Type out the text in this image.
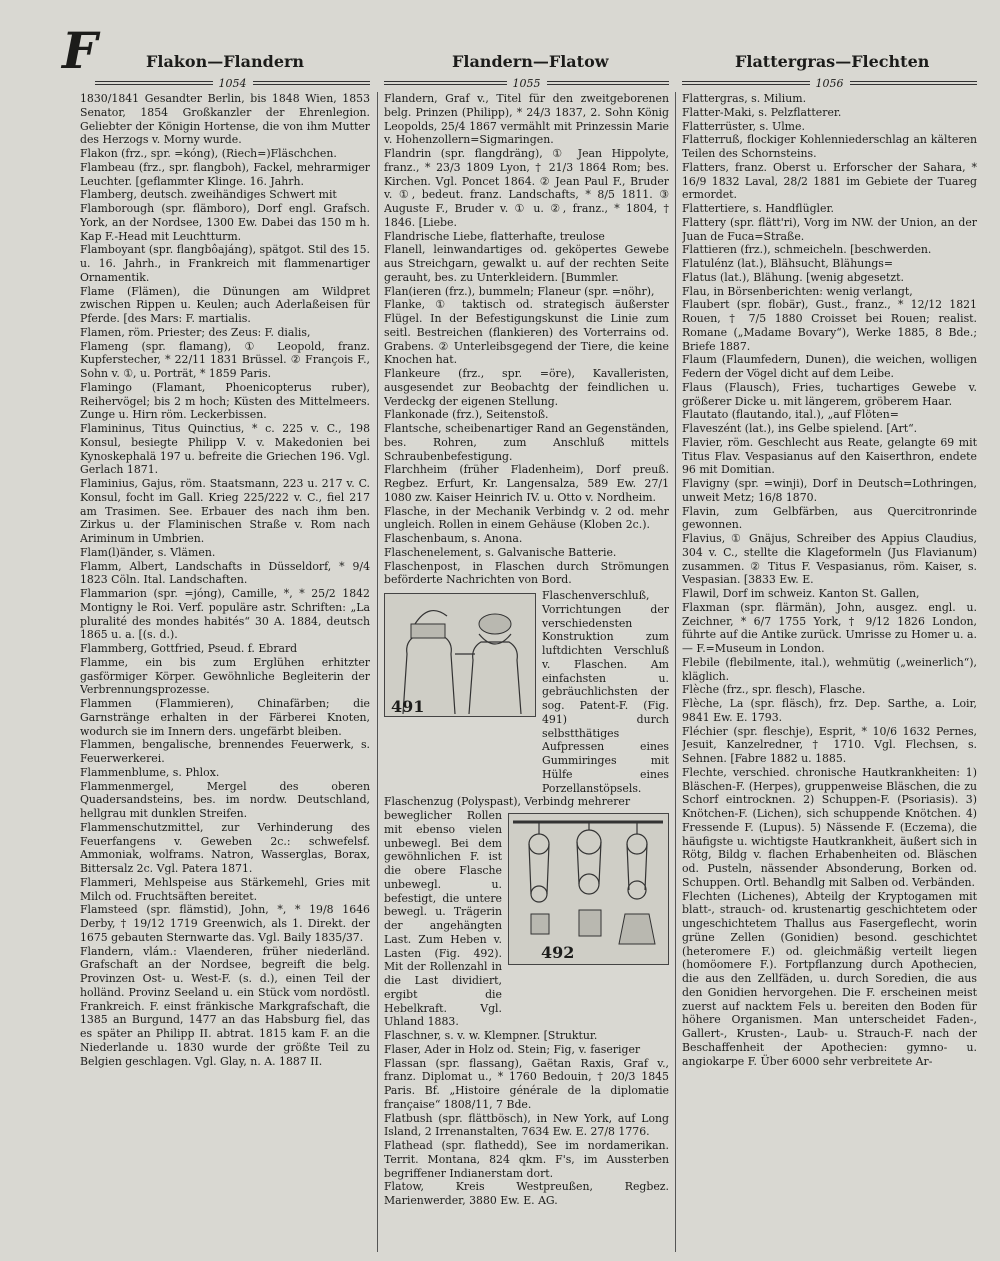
F	Flakon—Flandern	Flandern—Flatow	Flattergras—Flechten
1054	1055	1056

1830/1841 Gesandter Berlin, bis 1848 Wien, 1853 Senator, 1854 Großkanzler der Ehrenlegion. Geliebter der Königin Hortense, die von ihm Mutter des Herzogs v. Morny wurde.

Flakon (frz., spr. =kóng), (Riech=)Fläschchen.

Flambeau (frz., spr. flangboh), Fackel, mehrarmiger Leuchter. [geflammter Klinge. 16. Jahrh.

Flamberg, deutsch. zweihändiges Schwert mit

Flamborough (spr. flämboro), Dorf engl. Grafsch. York, an der Nordsee, 1300 Ew. Dabei das 150 m h. Kap F.-Head mit Leuchtturm.

Flamboyant (spr. flangbôajáng), spätgot. Stil des 15. u. 16. Jahrh., in Frankreich mit flammenartiger Ornamentik.

Flame (Flämen), die Dünungen am Wildpret zwischen Rippen u. Keulen; auch Aderlaßeisen für Pferde. [des Mars: F. martialis.

Flamen, röm. Priester; des Zeus: F. dialis,

Flameng (spr. flamang), ① Leopold, franz. Kupferstecher, * 22/11 1831 Brüssel. ② François F., Sohn v. ①, u. Porträt, * 1859 Paris.

Flamingo (Flamant, Phoenicopterus ruber), Reihervögel; bis 2 m hoch; Küsten des Mittelmeers. Zunge u. Hirn röm. Leckerbissen.

Flamininus, Titus Quinctius, * c. 225 v. C., 198 Konsul, besiegte Philipp V. v. Makedonien bei Kynoskephalä 197 u. befreite die Griechen 196. Vgl. Gerlach 1871.

Flaminius, Gajus, röm. Staatsmann, 223 u. 217 v. C. Konsul, focht im Gall. Krieg 225/222 v. C., fiel 217 am Trasimen. See. Erbauer des nach ihm ben. Zirkus u. der Flaminischen Straße v. Rom nach Ariminum in Umbrien.

Flam(l)änder, s. Vlämen.

Flamm, Albert, Landschafts in Düsseldorf, * 9/4 1823 Cöln. Ital. Landschaften.

Flammarion (spr. =jóng), Camille, *, * 25/2 1842 Montigny le Roi. Verf. populäre astr. Schriften: „La pluralité des mondes habités“ 30 A. 1884, deutsch 1865 u. a. [(s. d.).

Flammberg, Gottfried, Pseud. f. Ebrard

Flamme, ein bis zum Erglühen erhitzter gasförmiger Körper. Gewöhnliche Begleiterin der Verbrennungsprozesse.

Flammen (Flammieren), Chinafärben; die Garnstränge erhalten in der Färberei Knoten, wodurch sie im Innern ders. ungefärbt bleiben.

Flammen, bengalische, brennendes Feuerwerk, s. Feuerwerkerei.

Flammenblume, s. Phlox.

Flammenmergel, Mergel des oberen Quadersandsteins, bes. im nordw. Deutschland, hellgrau mit dunklen Streifen.

Flammenschutzmittel, zur Verhinderung des Feuerfangens v. Geweben 2c.: schwefelsf. Ammoniak, wolframs. Natron, Wasserglas, Borax, Bittersalz 2c. Vgl. Patera 1871.

Flammeri, Mehlspeise aus Stärkemehl, Gries mit Milch od. Fruchtsäften bereitet.

Flamsteed (spr. flämstid), John, *, * 19/8 1646 Derby, † 19/12 1719 Greenwich, als 1. Direkt. der 1675 gebauten Sternwarte das. Vgl. Baily 1835/37.

Flandern, vlám.: Vlaenderen, früher niederländ. Grafschaft an der Nordsee, begreift die belg. Provinzen Ost- u. West-F. (s. d.), einen Teil der holländ. Provinz Seeland u. ein Stück vom nordöstl. Frankreich. F. einst fränkische Markgrafschaft, die 1385 an Burgund, 1477 an das Habsburg fiel, das es später an Philipp II. abtrat. 1815 kam F. an die Niederlande u. 1830 wurde der größte Teil zu Belgien geschlagen. Vgl. Glay, n. A. 1887 II.

Flandern, Graf v., Titel für den zweitgeborenen belg. Prinzen (Philipp), * 24/3 1837, 2. Sohn König Leopolds, 25/4 1867 vermählt mit Prinzessin Marie v. Hohenzollern=Sigmaringen.

Flandrin (spr. flangdräng), ① Jean Hippolyte, franz., * 23/3 1809 Lyon, † 21/3 1864 Rom; bes. Kirchen. Vgl. Poncet 1864. ② Jean Paul F., Bruder v. ①, bedeut. franz. Landschafts, * 8/5 1811. ③ Auguste F., Bruder v. ① u. ②, franz., * 1804, † 1846. [Liebe.

Flandrische Liebe, flatterhafte, treulose

Flanell, leinwandartiges od. geköpertes Gewebe aus Streichgarn, gewalkt u. auf der rechten Seite gerauht, bes. zu Unterkleidern. [Bummler.

Flan(ieren (frz.), bummeln; Flaneur (spr. =nöhr),

Flanke, ① taktisch od. strategisch äußerster Flügel. In der Befestigungskunst die Linie zum seitl. Bestreichen (flankieren) des Vorterrains od. Grabens. ② Unterleibsgegend der Tiere, die keine Knochen hat.

Flankeure (frz., spr. =öre), Kavalleristen, ausgesendet zur Beobachtg der feindlichen u. Verdeckg der eigenen Stellung.

Flankonade (frz.), Seitenstoß.

Flantsche, scheibenartiger Rand an Gegenständen, bes. Rohren, zum Anschluß mittels Schraubenbefestigung.

Flarchheim (früher Fladenheim), Dorf preuß. Regbez. Erfurt, Kr. Langensalza, 589 Ew. 27/1 1080 zw. Kaiser Heinrich IV. u. Otto v. Nordheim.

Flasche, in der Mechanik Verbindg v. 2 od. mehr ungleich. Rollen in einem Gehäuse (Kloben 2c.).

Flaschenbaum, s. Anona.

Flaschenelement, s. Galvanische Batterie.

Flaschenpost, in Flaschen durch Strömungen beförderte Nachrichten von Bord.

491

Flaschenverschluß, Vorrichtungen der verschiedensten Konstruktion zum luftdichten Verschluß v. Flaschen. Am einfachsten u. gebräuchlichsten der sog. Patent-F. (Fig. 491) durch selbstthätiges Aufpressen eines Gummiringes mit Hülfe eines Porzellanstöpsels.

Flaschenzug (Polyspast), Verbindg mehrerer

beweglicher Rollen mit ebenso vielen unbewegl. Bei dem gewöhnlichen F. ist die obere Flasche unbewegl. u. befestigt, die untere bewegl. u. Trägerin der angehängten Last. Zum Heben v. Lasten (Fig. 492). Mit der Rollenzahl in die Last dividiert, ergibt die Hebelkraft. Vgl. Uhland 1883.

492

Flaschner, s. v. w. Klempner. [Struktur.

Flaser, Ader in Holz od. Stein; Fig, v. faseriger

Flassan (spr. flassang), Gaëtan Raxis, Graf v., franz. Diplomat u., * 1760 Bedouin, † 20/3 1845 Paris. Bf. „Histoire générale de la diplomatie française“ 1808/11, 7 Bde.

Flatbush (spr. flättbösch), in New York, auf Long Island, 2 Irrenanstalten, 7634 Ew. E. 27/8 1776.

Flathead (spr. flathedd), See im nordamerikan. Territ. Montana, 824 qkm. F's, im Aussterben begriffener Indianerstam dort.

Flatow, Kreis Westpreußen, Regbez. Marienwerder, 3880 Ew. E. AG.

Flattergras, s. Milium.

Flatter-Maki, s. Pelzflatterer.

Flatterrüster, s. Ulme.

Flatterruß, flockiger Kohlenniederschlag an kälteren Teilen des Schornsteins.

Flatters, franz. Oberst u. Erforscher der Sahara, * 16/9 1832 Laval, 28/2 1881 im Gebiete der Tuareg ermordet.

Flattertiere, s. Handflügler.

Flattery (spr. flätt'ri), Vorg im NW. der Union, an der Juan de Fuca=Straße.

Flattieren (frz.), schmeicheln. [beschwerden.

Flatulénz (lat.), Blähsucht, Blähungs=

Flatus (lat.), Blähung. [wenig abgesetzt.

Flau, in Börsenberichten: wenig verlangt,

Flaubert (spr. flobär), Gust., franz., * 12/12 1821 Rouen, † 7/5 1880 Croisset bei Rouen; realist. Romane („Madame Bovary“), Werke 1885, 8 Bde.; Briefe 1887.

Flaum (Flaumfedern, Dunen), die weichen, wolligen Federn der Vögel dicht auf dem Leibe.

Flaus (Flausch), Fries, tuchartiges Gewebe v. größerer Dicke u. mit längerem, gröberem Haar.

Flautato (flautando, ital.), „auf Flöten=

Flaveszént (lat.), ins Gelbe spielend. [Art“.

Flavier, röm. Geschlecht aus Reate, gelangte 69 mit Titus Flav. Vespasianus auf den Kaiserthron, endete 96 mit Domitian.

Flavigny (spr. =winji), Dorf in Deutsch=Lothringen, unweit Metz; 16/8 1870.

Flavin, zum Gelbfärben, aus Quercitronrinde gewonnen.

Flavius, ① Gnäjus, Schreiber des Appius Claudius, 304 v. C., stellte die Klageformeln (Jus Flavianum) zusammen. ② Titus F. Vespasianus, röm. Kaiser, s. Vespasian. [3833 Ew. E.

Flawil, Dorf im schweiz. Kanton St. Gallen,

Flaxman (spr. flärmän), John, ausgez. engl. u. Zeichner, * 6/7 1755 York, † 9/12 1826 London, führte auf die Antike zurück. Umrisse zu Homer u. a. — F.=Museum in London.

Flebile (flebilmente, ital.), wehmütig („weinerlich“), kläglich.

Flèche (frz., spr. flesch), Flasche.

Flèche, La (spr. fläsch), frz. Dep. Sarthe, a. Loir, 9841 Ew. E. 1793.

Fléchier (spr. fleschje), Esprit, * 10/6 1632 Pernes, Jesuit, Kanzelredner, † 1710. Vgl. Flechsen, s. Sehnen. [Fabre 1882 u. 1885.

Flechte, verschied. chronische Hautkrankheiten: 1) Bläschen-F. (Herpes), gruppenweise Bläschen, die zu Schorf eintrocknen. 2) Schuppen-F. (Psoriasis). 3) Knötchen-F. (Lichen), sich schuppende Knötchen. 4) Fressende F. (Lupus). 5) Nässende F. (Eczema), die häufigste u. wichtigste Hautkrankheit, äußert sich in Rötg, Bildg v. flachen Erhabenheiten od. Bläschen od. Pusteln, nässender Absonderung, Borken od. Schuppen. Ortl. Behandlg mit Salben od. Verbänden.

Flechten (Lichenes), Abteilg der Kryptogamen mit blatt-, strauch- od. krustenartig geschichtetem oder ungeschichtetem Thallus aus Fasergeflecht, worin grüne Zellen (Gonidien) besond. geschichtet (heteromere F.) od. gleichmäßig verteilt liegen (homöomere F.). Fortpflanzung durch Apothecien, die aus den Zellfäden, u. durch Soredien, die aus den Gonidien hervorgehen. Die F. erscheinen meist zuerst auf nacktem Fels u. bereiten den Boden für höhere Organismen. Man unterscheidet Faden-, Gallert-, Krusten-, Laub- u. Strauch-F. nach der Beschaffenheit der Apothecien: gymno- u. angiokarpe F. Über 6000 sehr verbreitete Ar-
